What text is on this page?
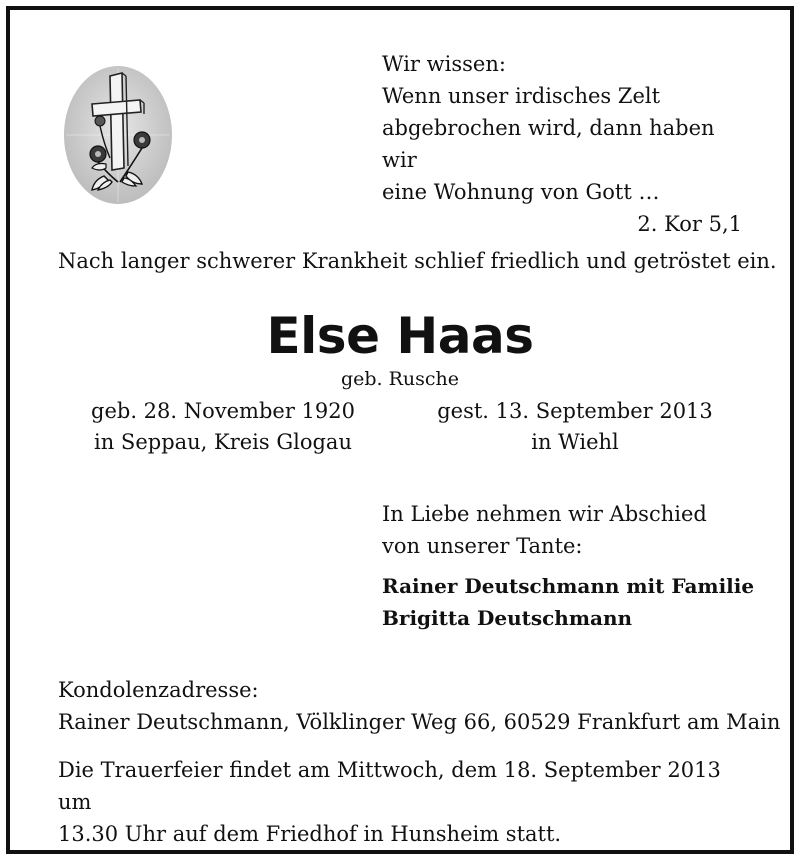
Wir wissen:
Wenn unser irdisches Zelt
abgebrochen wird, dann haben wir
eine Wohnung von Gott …
2. Kor 5,1
Nach langer schwerer Krankheit schlief friedlich und getröstet ein.
Else Haas
geb. Rusche
geb. 28. November 1920
in Seppau, Kreis Glogau
gest. 13. September 2013
in Wiehl
In Liebe nehmen wir Abschied
von unserer Tante:
Rainer Deutschmann mit Familie
Brigitta Deutschmann
Kondolenzadresse:
Rainer Deutschmann, Völklinger Weg 66, 60529 Frankfurt am Main
Die Trauerfeier findet am Mittwoch, dem 18. September 2013 um
13.30 Uhr auf dem Friedhof in Hunsheim statt.
